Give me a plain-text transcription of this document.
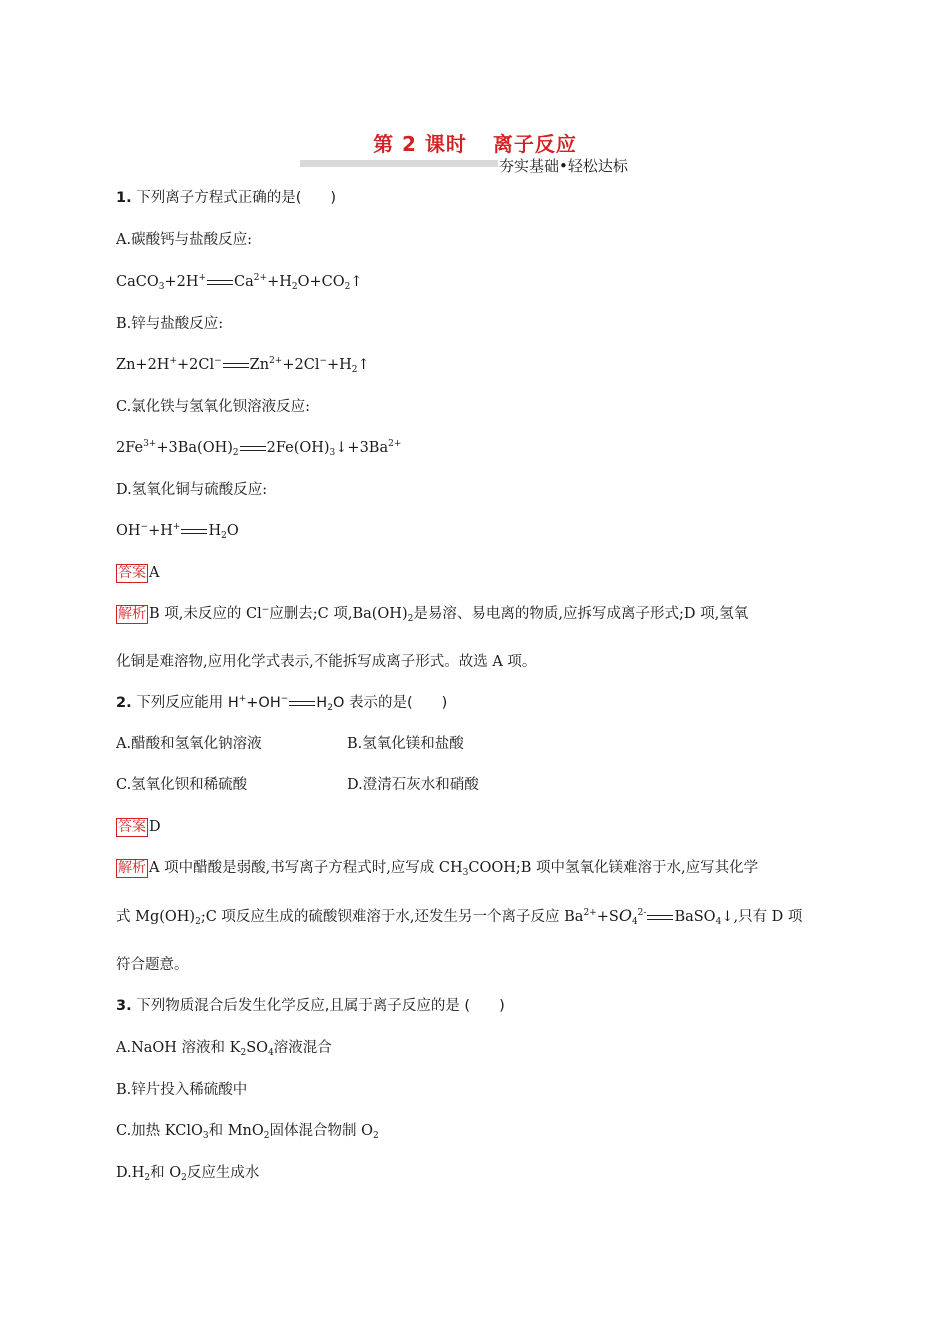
第 2 课时 离子反应
夯实基础•轻松达标
1. 下列离子方程式正确的是(　　)
A.碳酸钙与盐酸反应:
CaCO$_3$+2H+ $Ca^{2+}+H_2O+CO_2↑$
B.锌与盐酸反应:
Zn+2H++2Cl− $Zn^{2+}+2Cl^-+H_2↑$
C.氯化铁与氢氧化钡溶液反应:
$2Fe^{3+}+3Ba(OH)_2$ $2Fe(OH)_3↓+3Ba^{2+}$
D.氢氧化铜与硫酸反应:
OH−+H+ $H_2O$
答案 A
解析 B 项,未反应的 Cl−应删去;C 项$,Ba(OH)_2$是易溶、易电离的物质,应拆写成离子形式;D 项,氢氧
化铜是难溶物,应用化学式表示,不能拆写成离子形式。故选 A 项。
2. 下列反应能用 H++OH− $H_2O$ 表示的是(　　)
A.醋酸和氢氧化钠溶液	B.氢氧化镁和盐酸
C.氢氧化钡和稀硫酸	D.澄清石灰水和硝酸
答案 D
解析 A 项中醋酸是弱酸,书写离子方程式时,应写成 $CH_3COOH;B$ 项中氢氧化镁难溶于水,应写其化学
式 $Mg(OH)_2;C$ 项反应生成的硫酸钡难溶于水,还发生另一个离子反应 $Ba^{2+}+SO_4^{2-}$ BaSO$_4$↓,只有 D 项
符合题意。
3. 下列物质混合后发生化学反应,且属于离子反应的是 (　　)
A.NaOH 溶液和 $K_2SO_4$溶液混合
B.锌片投入稀硫酸中
C.加热 KClO$_3$和 MnO$_2$固体混合物制 $O_2$
$D.H_2$和 $O_2$反应生成水
